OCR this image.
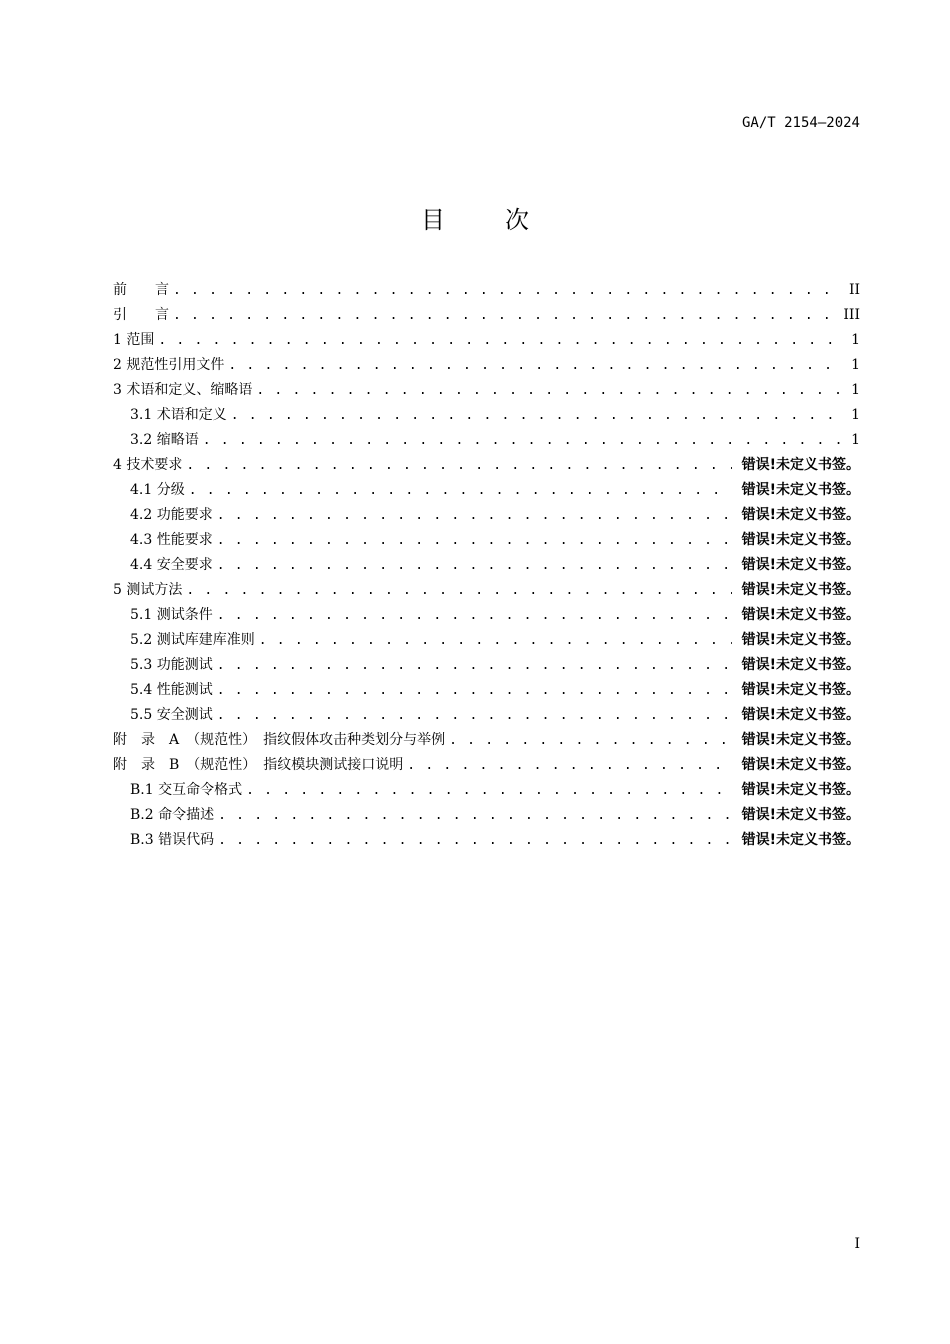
GA/T 2154—2024
目	次
前　　言 . . .	II
引　　言 . . .	III
1 范围 . . .	1
2 规范性引用文件 . . .	1
3 术语和定义、缩略语 . . .	1
3.1 术语和定义 . . .	1
3.2 缩略语 . . .	1
4 技术要求 . . .	错误!未定义书签。
4.1 分级 . . .	错误!未定义书签。
4.2 功能要求 . . .	错误!未定义书签。
4.3 性能要求 . . .	错误!未定义书签。
4.4 安全要求 . . .	错误!未定义书签。
5 测试方法 . . .	错误!未定义书签。
5.1 测试条件 . . .	错误!未定义书签。
5.2 测试库建库准则 . . .	错误!未定义书签。
5.3 功能测试 . . .	错误!未定义书签。
5.4 性能测试 . . .	错误!未定义书签。
5.5 安全测试 . . .	错误!未定义书签。
附　录　A　（规范性）　指纹假体攻击种类划分与举例 . . .	错误!未定义书签。
附　录　B　（规范性）　指纹模块测试接口说明 . . .	错误!未定义书签。
B.1 交互命令格式 . . .	错误!未定义书签。
B.2 命令描述 . . .	错误!未定义书签。
B.3 错误代码 . . .	错误!未定义书签。
I
